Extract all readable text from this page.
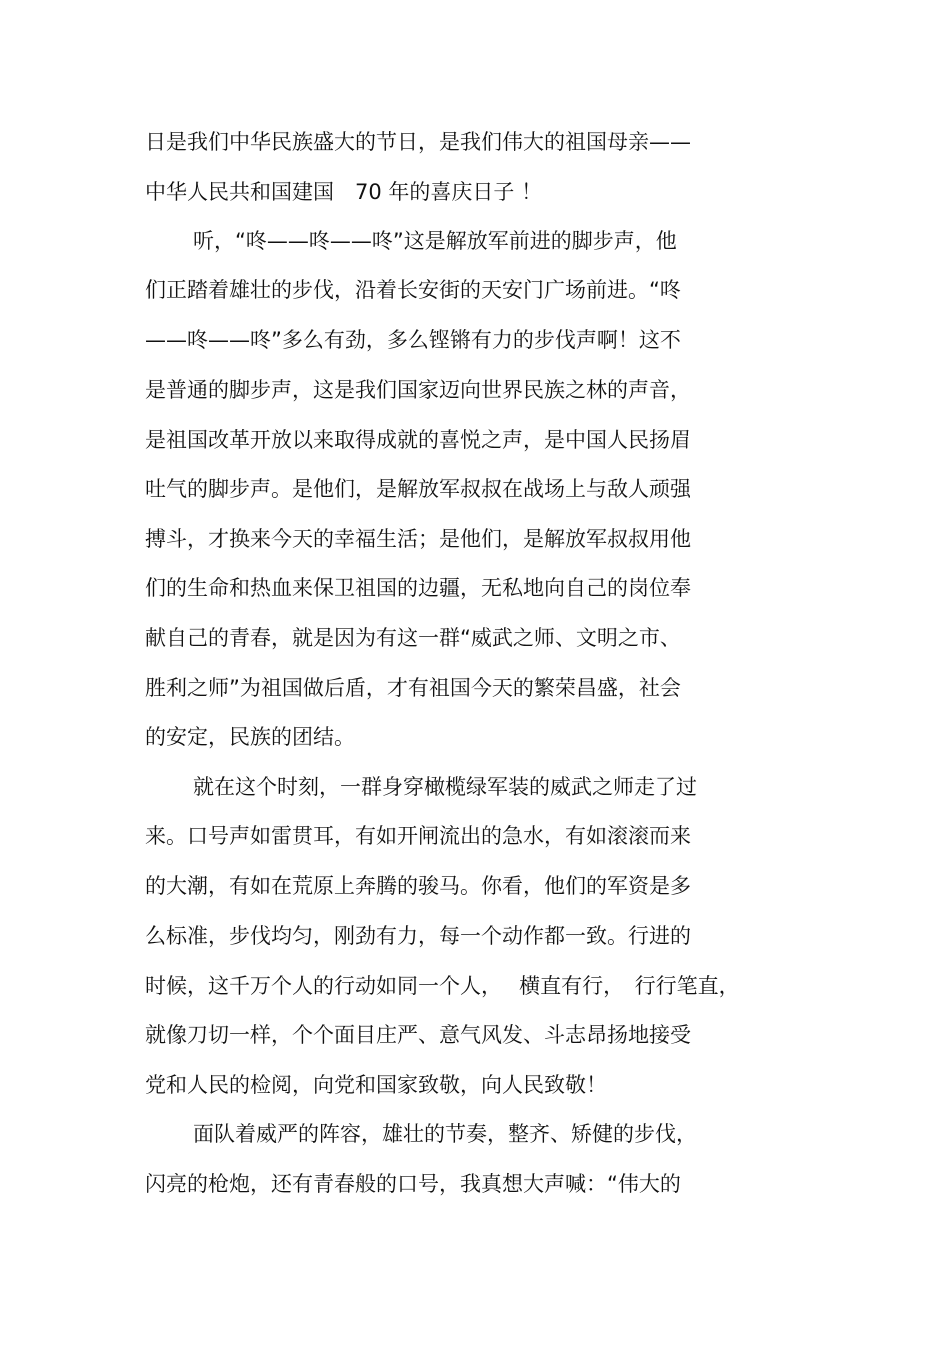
日是我们中华民族盛大的节日，是我们伟大的祖国母亲——
中华人民共和国建国　70 年的喜庆日子 ！
听，“咚——咚——咚”这是解放军前进的脚步声，他
们正踏着雄壮的步伐，沿着长安街的天安门广场前进。“咚
——咚——咚”多么有劲，多么铿锵有力的步伐声啊！这不
是普通的脚步声，这是我们国家迈向世界民族之林的声音，
是祖国改革开放以来取得成就的喜悦之声，是中国人民扬眉
吐气的脚步声。是他们，是解放军叔叔在战场上与敌人顽强
搏斗，才换来今天的幸福生活；是他们，是解放军叔叔用他
们的生命和热血来保卫祖国的边疆，无私地向自己的岗位奉
献自己的青春，就是因为有这一群“威武之师、文明之市、
胜利之师”为祖国做后盾，才有祖国今天的繁荣昌盛，社会
的安定，民族的团结。
就在这个时刻，一群身穿橄榄绿军装的威武之师走了过
来。口号声如雷贯耳，有如开闸流出的急水，有如滚滚而来
的大潮，有如在荒原上奔腾的骏马。你看，他们的军资是多
么标准，步伐均匀，刚劲有力，每一个动作都一致。行进的
时候，这千万个人的行动如同一个人，　 横直有行，　行行笔直，
就像刀切一样，个个面目庄严、意气风发、斗志昂扬地接受
党和人民的检阅，向党和国家致敬，向人民致敬！
面队着威严的阵容，雄壮的节奏，整齐、矫健的步伐，
闪亮的枪炮，还有青春般的口号，我真想大声喊：“伟大的
